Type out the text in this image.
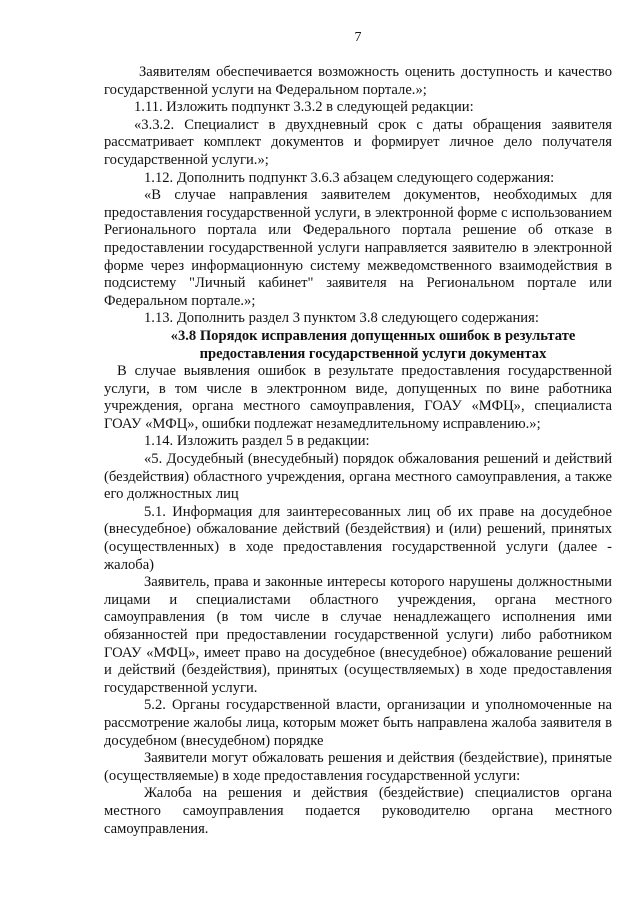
7

Заявителям обеспечивается возможность оценить доступность и качество государственной услуги на Федеральном портале.»;

1.11. Изложить подпункт 3.3.2 в следующей редакции:

«3.3.2. Специалист в двухдневный срок с даты обращения заявителя рассматривает комплект документов и формирует личное дело получателя государственной услуги.»;

1.12. Дополнить подпункт 3.6.3 абзацем следующего содержания:

«В случае направления заявителем документов, необходимых для предоставления государственной услуги, в электронной форме с использованием Регионального портала или Федерального портала решение об отказе в предоставлении государственной услуги направляется заявителю в электронной форме через информационную систему межведомственного взаимодействия в подсистему "Личный кабинет" заявителя на Региональном портале или Федеральном портале.»;

1.13. Дополнить раздел 3 пунктом 3.8 следующего содержания:

«3.8 Порядок исправления допущенных ошибок в результате предоставления государственной услуги документах

В случае выявления ошибок в результате предоставления государственной услуги, в том числе в электронном виде, допущенных по вине работника учреждения, органа местного самоуправления, ГОАУ «МФЦ», специалиста ГОАУ «МФЦ», ошибки подлежат незамедлительному исправлению.»;

1.14. Изложить раздел 5 в редакции:

«5. Досудебный (внесудебный) порядок обжалования решений и действий (бездействия) областного учреждения, органа местного самоуправления, а также его должностных лиц

5.1. Информация для заинтересованных лиц об их праве на досудебное (внесудебное) обжалование действий (бездействия) и (или) решений, принятых (осуществленных) в ходе предоставления государственной услуги (далее - жалоба)

Заявитель, права и законные интересы которого нарушены должностными лицами и специалистами областного учреждения, органа местного самоуправления (в том числе в случае ненадлежащего исполнения ими обязанностей при предоставлении государственной услуги) либо работником ГОАУ «МФЦ», имеет право на досудебное (внесудебное) обжалование решений и действий (бездействия), принятых (осуществляемых) в ходе предоставления государственной услуги.

5.2. Органы государственной власти, организации и уполномоченные на рассмотрение жалобы лица, которым может быть направлена жалоба заявителя в досудебном (внесудебном) порядке

Заявители могут обжаловать решения и действия (бездействие), принятые (осуществляемые) в ходе предоставления государственной услуги:

Жалоба на решения и действия (бездействие) специалистов органа местного самоуправления подается руководителю органа местного самоуправления.
